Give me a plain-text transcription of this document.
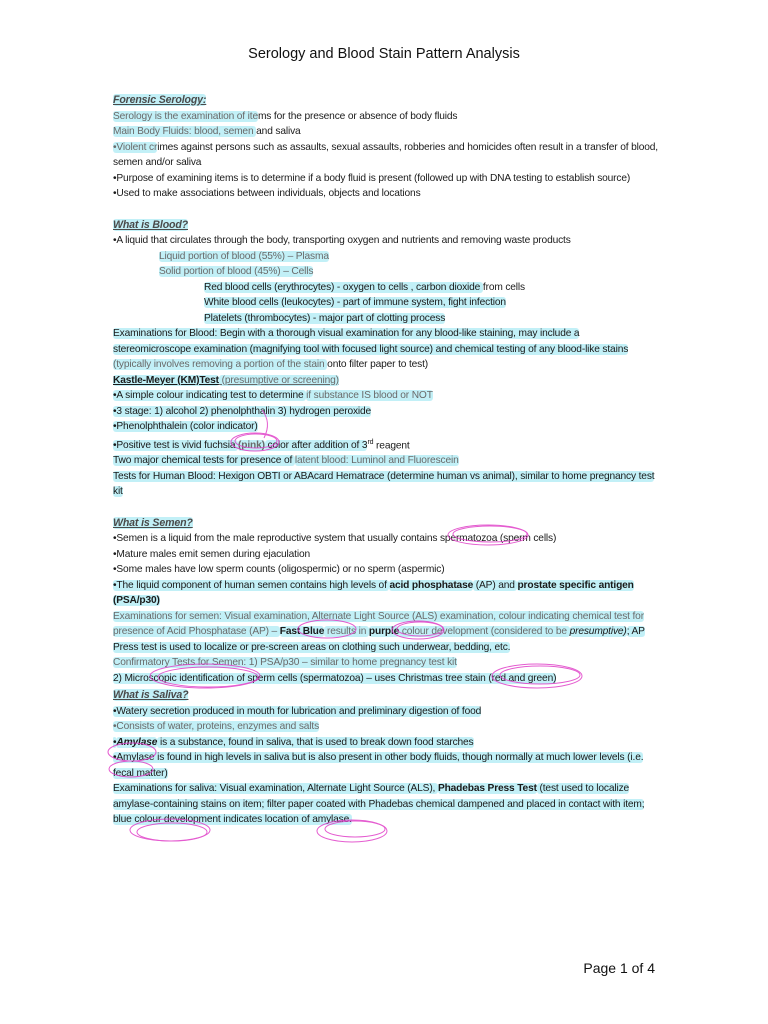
Serology and Blood Stain Pattern Analysis
Forensic Serology:
Serology is the examination of items for the presence or absence of body fluids
Main Body Fluids: blood, semen and saliva
•Violent crimes against persons such as assaults, sexual assaults, robberies and homicides often result in a transfer of blood, semen and/or saliva
•Purpose of examining items is to determine if a body fluid is present (followed up with DNA testing to establish source)
•Used to make associations between individuals, objects and locations
What is Blood?
•A liquid that circulates through the body, transporting oxygen and nutrients and removing waste products
Liquid portion of blood (55%) – Plasma
Solid portion of blood (45%) – Cells
Red blood cells (erythrocytes) - oxygen to cells , carbon dioxide from cells
White blood cells (leukocytes) - part of immune system, fight infection
Platelets (thrombocytes) - major part of clotting process
Examinations for Blood: Begin with a thorough visual examination for any blood-like staining, may include a stereomicroscope examination (magnifying tool with focused light source) and chemical testing of any blood-like stains
(typically involves removing a portion of the stain onto filter paper to test)
Kastle-Meyer (KM)Test (presumptive or screening)
•A simple colour indicating test to determine if substance IS blood or NOT
•3 stage: 1) alcohol 2) phenolphthalin 3) hydrogen peroxide
•Phenolphthalein (color indicator)
•Positive test is vivid fuchsia (pink) color after addition of 3rd reagent
Two major chemical tests for presence of latent blood: Luminol and Fluorescein
Tests for Human Blood: Hexigon OBTI or ABAcard Hematrace (determine human vs animal), similar to home pregnancy test kit
What is Semen?
•Semen is a liquid from the male reproductive system that usually contains spermatozoa (sperm cells)
•Mature males emit semen during ejaculation
•Some males have low sperm counts (oligospermic) or no sperm (aspermic)
•The liquid component of human semen contains high levels of acid phosphatase (AP) and prostate specific antigen (PSA/p30)
Examinations for semen: Visual examination, Alternate Light Source (ALS) examination, colour indicating chemical test for presence of Acid Phosphatase (AP) – Fast Blue results in purple colour development (considered to be presumptive); AP Press test is used to localize or pre-screen areas on clothing such underwear, bedding, etc.
Confirmatory Tests for Semen: 1) PSA/p30 – similar to home pregnancy test kit
2) Microscopic identification of sperm cells (spermatozoa) – uses Christmas tree stain (red and green)
What is Saliva?
•Watery secretion produced in mouth for lubrication and preliminary digestion of food
•Consists of water, proteins, enzymes and salts
•Amylase is a substance, found in saliva, that is used to break down food starches
•Amylase is found in high levels in saliva but is also present in other body fluids, though normally at much lower levels (i.e. fecal matter)
Examinations for saliva: Visual examination, Alternate Light Source (ALS), Phadebas Press Test (test used to localize amylase-containing stains on item; filter paper coated with Phadebas chemical dampened and placed in contact with item; blue colour development indicates location of amylase.
Page 1 of 4
